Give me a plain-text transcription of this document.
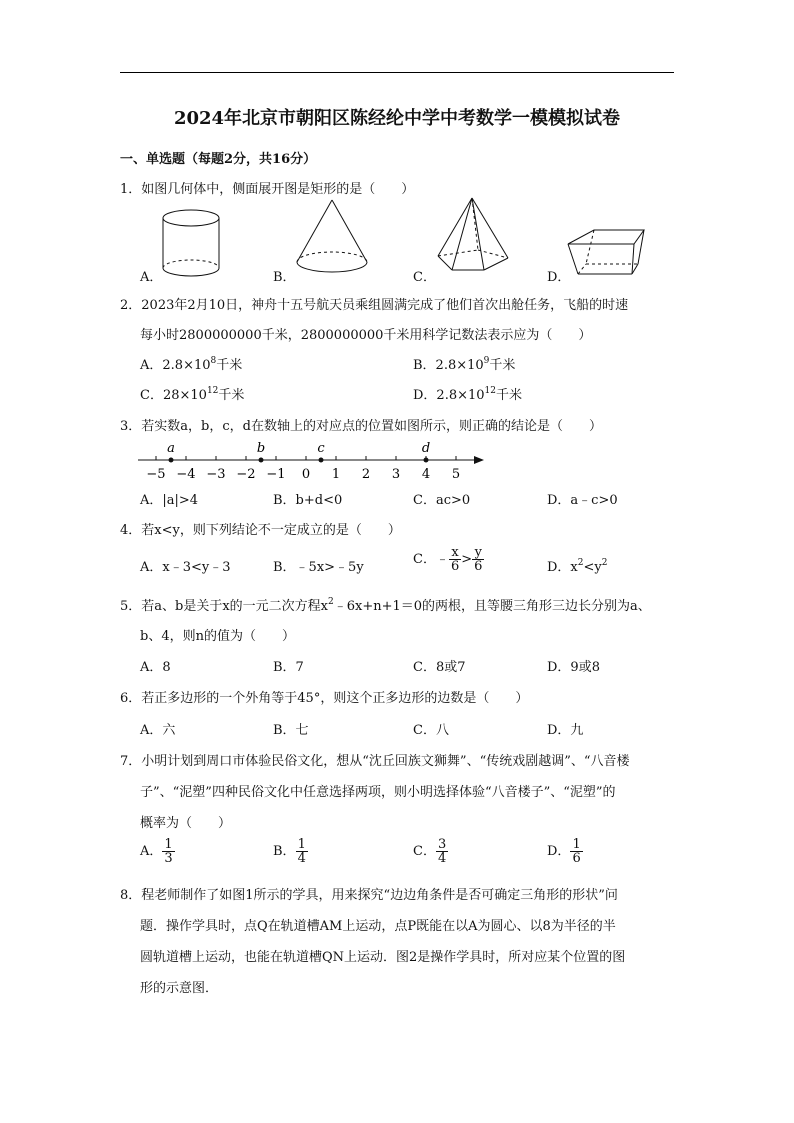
2024年北京市朝阳区陈经纶中学中考数学一模模拟试卷
一、单选题（每题2分，共16分）
1．如图几何体中，侧面展开图是矩形的是（　　）
A．	B．	C．	D．
2．2023年2月10日，神舟十五号航天员乘组圆满完成了他们首次出舱任务，飞船的时速
每小时2800000000千米，2800000000千米用科学记数法表示应为（　　）
A．$2.8\times 10^8$千米	B．$2.8\times 10^9$千米
C．$28\times 10^{12}$千米	D．$2.8\times 10^{12}$千米
3．若实数a，b，c，d在数轴上的对应点的位置如图所示，则正确的结论是（　　）
−5 −4 −3 −2 −1 0 1 2 3 4 5
a	b	c	d
A．|a|>4	B．b+d<0	C．ac>0	D．a﹣c>0
4．若x<y，则下列结论不一定成立的是（　　）
A．x﹣3<y﹣3	B．﹣5x>﹣5y
C．﹣ $\frac{x}{6} > \frac{y}{6}$	D．$x^2<y^2$
5．若a、b是关于x的一元二次方程$x^2﹣6x+n+1=0$的两根，且等腰三角形三边长分别为a、
b、4，则n的值为（　　）
A．8	B．7	C．8或7	D．9或8
6．若正多边形的一个外角等于45°，则这个正多边形的边数是（　　）
A．六	B．七	C．八	D．九
7．小明计划到周口市体验民俗文化，想从“沈丘回族文狮舞”、“传统戏剧越调”、“八音楼
子”、“泥塑”四种民俗文化中任意选择两项，则小明选择体验“八音楼子”、“泥塑”的
概率为（　　）
A． $\frac{1}{3}$	B． $\frac{1}{4}$	C． $\frac{3}{4}$	D． $\frac{1}{6}$
8．程老师制作了如图1所示的学具，用来探究“边边角条件是否可确定三角形的形状”问
题．操作学具时，点Q在轨道槽AM上运动，点P既能在以A为圆心、以8为半径的半
圆轨道槽上运动，也能在轨道槽QN上运动．图2是操作学具时，所对应某个位置的图
形的示意图．
